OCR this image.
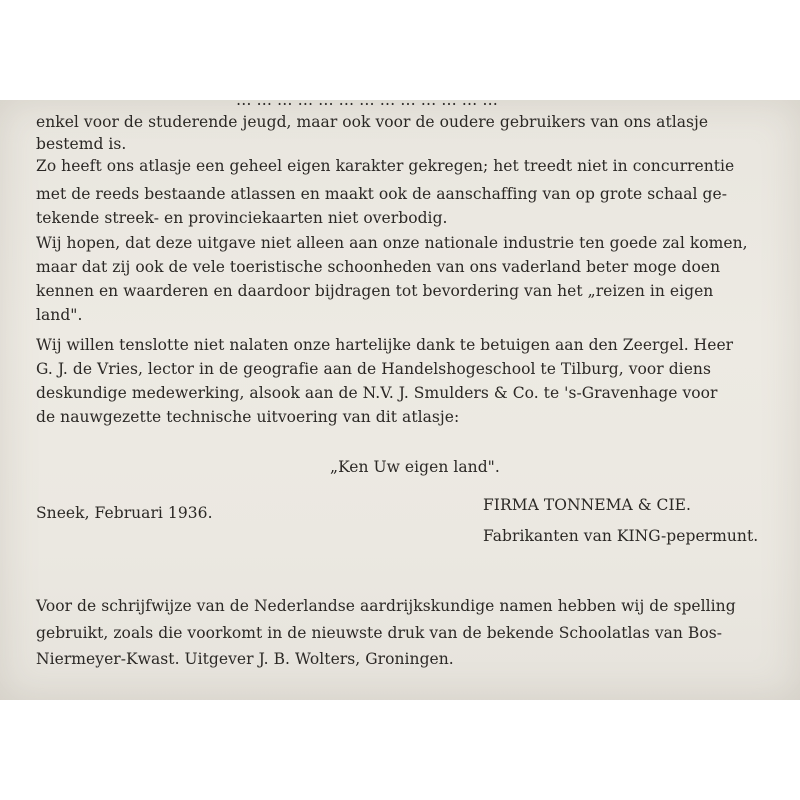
… … … … … … … … … … … … …
enkel voor de studerende jeugd, maar ook voor de oudere gebruikers van ons atlasje
bestemd is.
Zo heeft ons atlasje een geheel eigen karakter gekregen; het treedt niet in concurrentie
met de reeds bestaande atlassen en maakt ook de aanschaffing van op grote schaal ge-
tekende streek- en provinciekaarten niet overbodig.
Wij hopen, dat deze uitgave niet alleen aan onze nationale industrie ten goede zal komen,
maar dat zij ook de vele toeristische schoonheden van ons vaderland beter moge doen
kennen en waarderen en daardoor bijdragen tot bevordering van het „reizen in eigen
land".
Wij willen tenslotte niet nalaten onze hartelijke dank te betuigen aan den Zeergel. Heer
G. J. de Vries, lector in de geografie aan de Handelshogeschool te Tilburg, voor diens
deskundige medewerking, alsook aan de N.V. J. Smulders & Co. te 's-Gravenhage voor
de nauwgezette technische uitvoering van dit atlasje:
„Ken Uw eigen land".
Sneek, Februari 1936.	FIRMA TONNEMA & CIE.
Fabrikanten van KING-pepermunt.
Voor de schrijfwijze van de Nederlandse aardrijkskundige namen hebben wij de spelling
gebruikt, zoals die voorkomt in de nieuwste druk van de bekende Schoolatlas van Bos-
Niermeyer-Kwast. Uitgever J. B. Wolters, Groningen.
